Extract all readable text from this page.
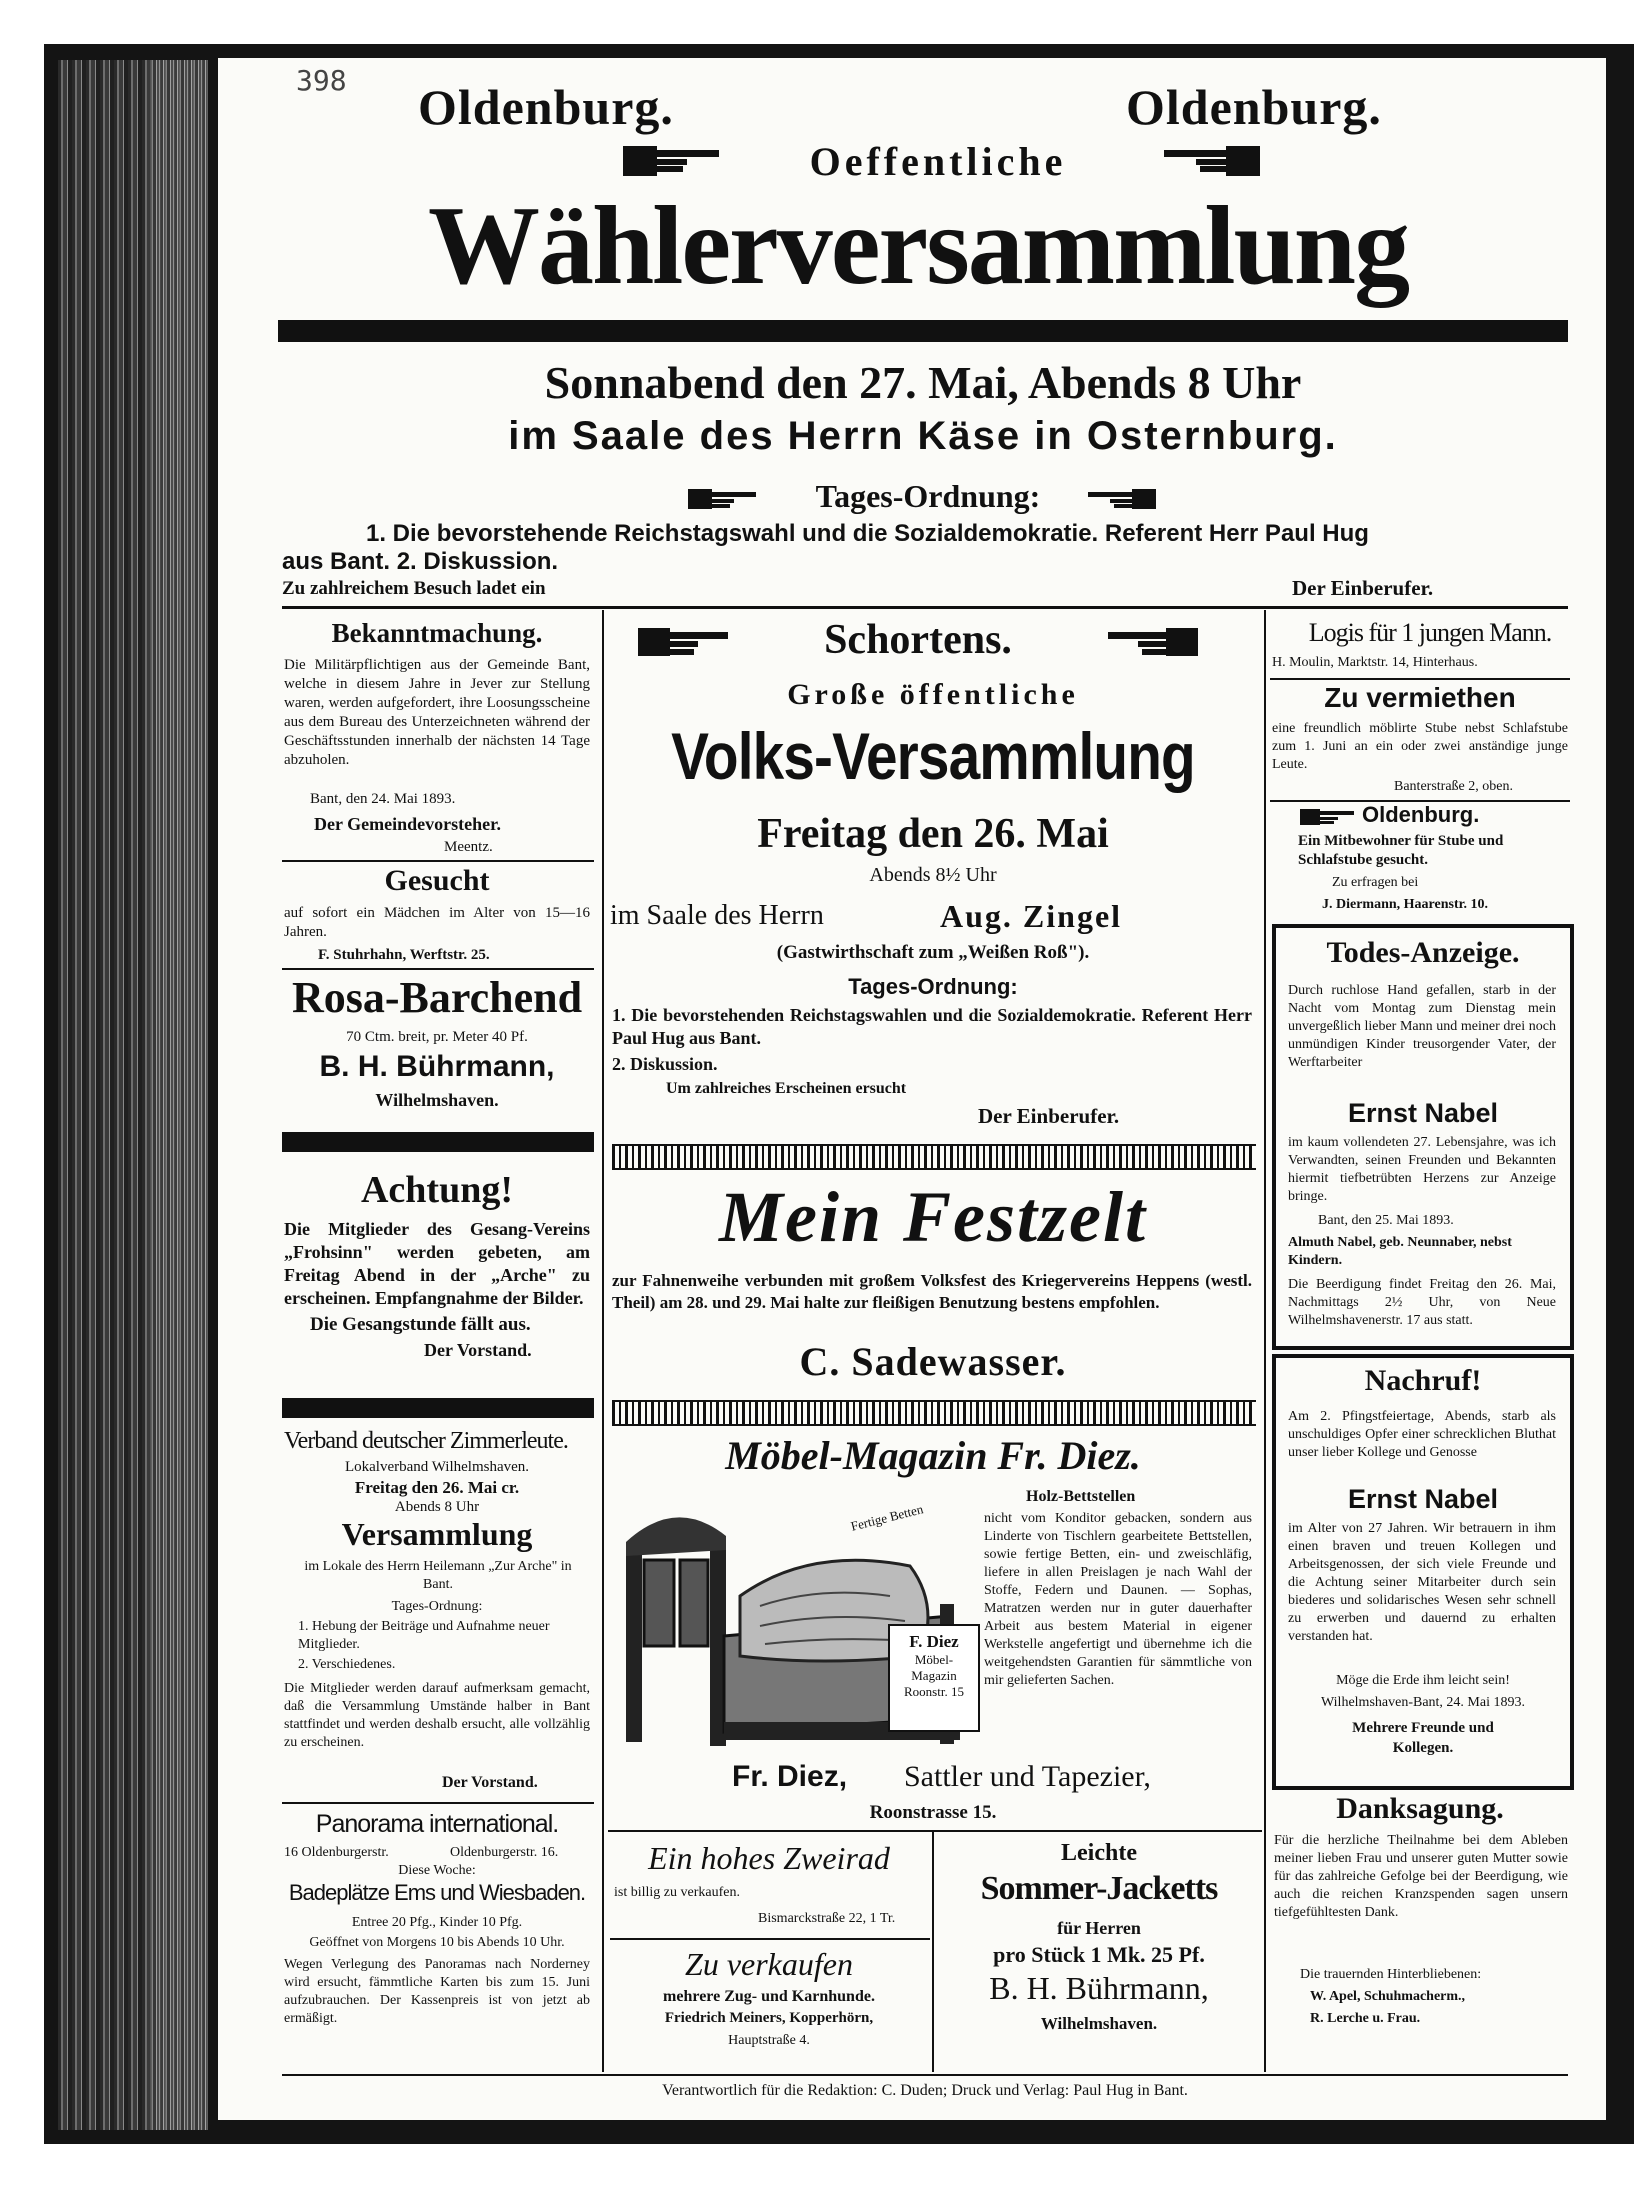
398 Oldenburg.	Oldenburg.
Oeffentliche
Wählerversammlung
Sonnabend den 27. Mai, Abends 8 Uhr
im Saale des Herrn Käse in Osternburg.
Tages-Ordnung:
1. Die bevorstehende Reichstagswahl und die Sozialdemokratie. Referent Herr Paul Hug
aus Bant. 2. Diskussion.
Zu zahlreichem Besuch ladet ein	Der Einberufer.
Bekanntmachung.
Die Militärpflichtigen aus der Gemeinde Bant, welche in diesem Jahre in Jever zur Stellung waren, werden aufgefordert, ihre Loosungsscheine aus dem Bureau des Unterzeichneten während der Geschäftsstunden innerhalb der nächsten 14 Tage abzuholen.
Bant, den 24. Mai 1893.
Der Gemeindevorsteher.
Meentz.
Gesucht
auf sofort ein Mädchen im Alter von 15—16 Jahren.
F. Stuhrhahn, Werftstr. 25.
Rosa-Barchend
70 Ctm. breit, pr. Meter 40 Pf.
B. H. Bührmann,
Wilhelmshaven.
Achtung!
Die Mitglieder des Gesang-Vereins „Frohsinn" werden gebeten, am Freitag Abend in der „Arche" zu erscheinen. Empfangnahme der Bilder.
Die Gesangstunde fällt aus.
Der Vorstand.
Verband deutscher Zimmerleute.
Lokalverband Wilhelmshaven.
Freitag den 26. Mai cr.
Abends 8 Uhr
Versammlung
im Lokale des Herrn Heilemann „Zur Arche" in Bant.
Tages-Ordnung:
1. Hebung der Beiträge und Aufnahme neuer Mitglieder.
2. Verschiedenes.
Die Mitglieder werden darauf aufmerksam gemacht, daß die Versammlung Umstände halber in Bant stattfindet und werden deshalb ersucht, alle vollzählig zu erscheinen.
Der Vorstand.
Panorama international.
16 Oldenburgerstr.	Oldenburgerstr. 16.
Diese Woche:
Badeplätze Ems und Wiesbaden.
Entree 20 Pfg., Kinder 10 Pfg.
Geöffnet von Morgens 10 bis Abends 10 Uhr.
Wegen Verlegung des Panoramas nach Norderney wird ersucht, fämmtliche Karten bis zum 15. Juni aufzubrauchen. Der Kassenpreis ist von jetzt ab ermäßigt.
Schortens.
Große öffentliche
Volks-Versammlung
Freitag den 26. Mai
Abends 8½ Uhr
im Saale des Herrn	Aug. Zingel
(Gastwirthschaft zum „Weißen Roß").
Tages-Ordnung:
1. Die bevorstehenden Reichstagswahlen und die Sozialdemokratie. Referent Herr Paul Hug aus Bant.
2. Diskussion.
Um zahlreiches Erscheinen ersucht
Der Einberufer.
Mein Festzelt
zur Fahnenweihe verbunden mit großem Volksfest des Kriegervereins Heppens (westl. Theil) am 28. und 29. Mai halte zur fleißigen Benutzung bestens empfohlen.
C. Sadewasser.
Möbel-Magazin Fr. Diez.
Fertige Betten
F. Diez
Möbel-
Magazin
Roonstr. 15
Holz-Bettstellen
nicht vom Konditor gebacken, sondern aus Linderte von Tischlern gearbeitete Bettstellen, sowie fertige Betten, ein- und zweischläfig, liefere in allen Preislagen je nach Wahl der Stoffe, Federn und Daunen. — Sophas, Matratzen werden nur in guter dauerhafter Arbeit aus bestem Material in eigener Werkstelle angefertigt und übernehme ich die weitgehendsten Garantien für sämmtliche von mir gelieferten Sachen.
Fr. Diez, Sattler und Tapezier,
Roonstrasse 15.
Ein hohes Zweirad
ist billig zu verkaufen.
Bismarckstraße 22, 1 Tr.
Zu verkaufen
mehrere Zug- und Karnhunde.
Friedrich Meiners, Kopperhörn,
Hauptstraße 4.
Leichte
Sommer-Jacketts
für Herren
pro Stück 1 Mk. 25 Pf.
B. H. Bührmann,
Wilhelmshaven.
Logis für 1 jungen Mann.
H. Moulin, Marktstr. 14, Hinterhaus.
Zu vermiethen
eine freundlich möblirte Stube nebst Schlafstube zum 1. Juni an ein oder zwei anständige junge Leute.
Banterstraße 2, oben.
Oldenburg.
Ein Mitbewohner für Stube und Schlafstube gesucht.
Zu erfragen bei
J. Diermann, Haarenstr. 10.
Todes-Anzeige.
Durch ruchlose Hand gefallen, starb in der Nacht vom Montag zum Dienstag mein unvergeßlich lieber Mann und meiner drei noch unmündigen Kinder treusorgender Vater, der Werftarbeiter
Ernst Nabel
im kaum vollendeten 27. Lebensjahre, was ich Verwandten, seinen Freunden und Bekannten hiermit tiefbetrübten Herzens zur Anzeige bringe.
Bant, den 25. Mai 1893.
Almuth Nabel, geb. Neunnaber, nebst Kindern.
Die Beerdigung findet Freitag den 26. Mai, Nachmittags 2½ Uhr, von Neue Wilhelmshavenerstr. 17 aus statt.
Nachruf!
Am 2. Pfingstfeiertage, Abends, starb als unschuldiges Opfer einer schrecklichen Bluthat unser lieber Kollege und Genosse
Ernst Nabel
im Alter von 27 Jahren. Wir betrauern in ihm einen braven und treuen Kollegen und Arbeitsgenossen, der sich viele Freunde und die Achtung seiner Mitarbeiter durch sein biederes und solidarisches Wesen sehr schnell zu erwerben und dauernd zu erhalten verstanden hat.
Möge die Erde ihm leicht sein!
Wilhelmshaven-Bant, 24. Mai 1893.
Mehrere Freunde und Kollegen.
Danksagung.
Für die herzliche Theilnahme bei dem Ableben meiner lieben Frau und unserer guten Mutter sowie für das zahlreiche Gefolge bei der Beerdigung, wie auch die reichen Kranzspenden sagen unsern tiefgefühltesten Dank.
Die trauernden Hinterbliebenen:
W. Apel, Schuhmacherm.,
R. Lerche u. Frau.
Verantwortlich für die Redaktion: C. Duden; Druck und Verlag: Paul Hug in Bant.
